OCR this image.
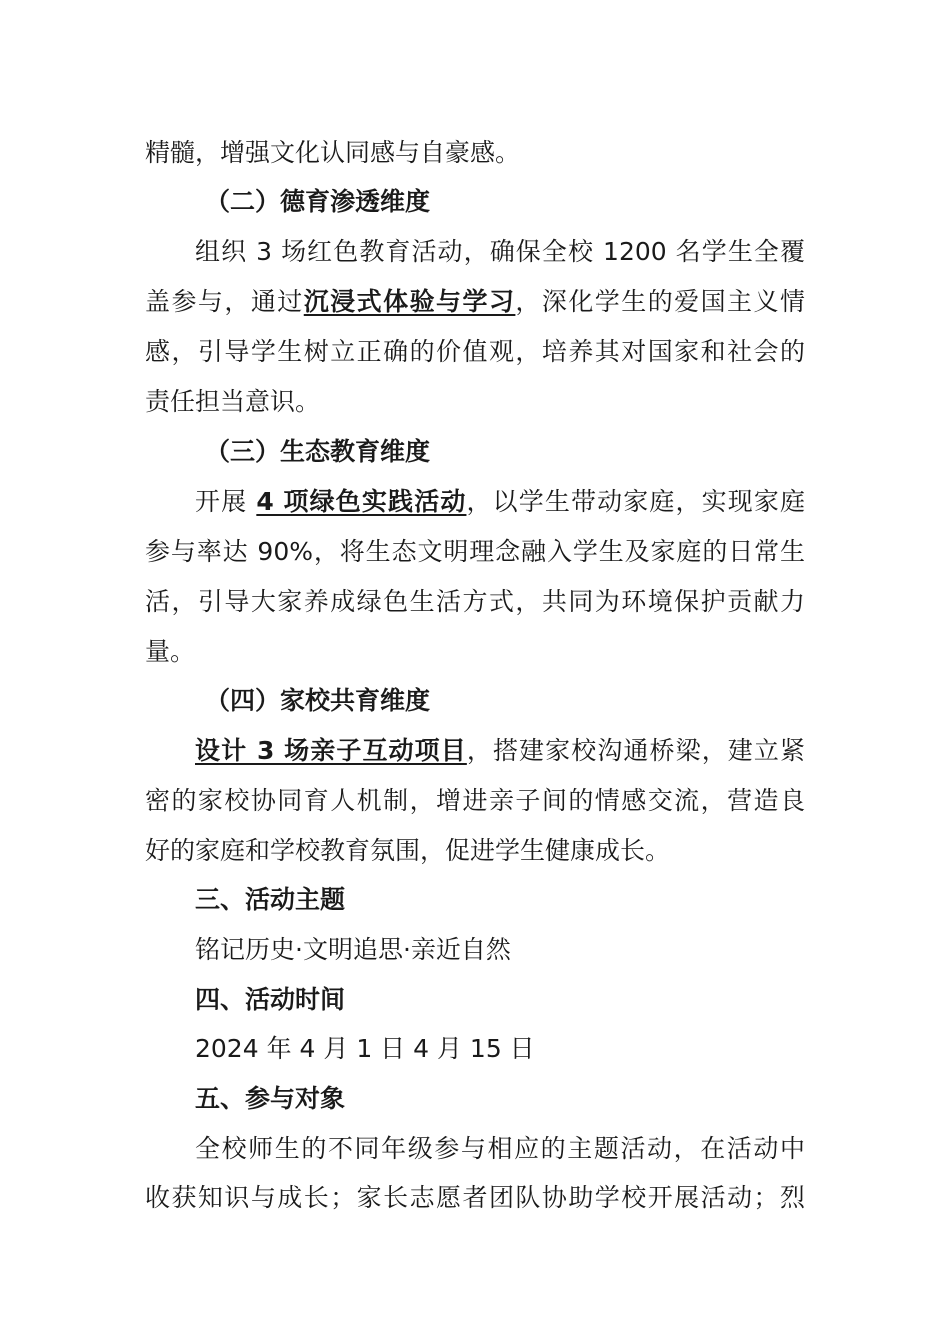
精髓，增强文化认同感与自豪感。
（二）德育渗透维度
组织 3 场红色教育活动，确保全校 1200 名学生全覆
盖参与，通过沉浸式体验与学习，深化学生的爱国主义情
感，引导学生树立正确的价值观，培养其对国家和社会的
责任担当意识。
（三）生态教育维度
开展 4 项绿色实践活动，以学生带动家庭，实现家庭
参与率达 90%，将生态文明理念融入学生及家庭的日常生
活，引导大家养成绿色生活方式，共同为环境保护贡献力
量。
（四）家校共育维度
设计 3 场亲子互动项目，搭建家校沟通桥梁，建立紧
密的家校协同育人机制，增进亲子间的情感交流，营造良
好的家庭和学校教育氛围，促进学生健康成长。
三、活动主题
铭记历史·文明追思·亲近自然
四、活动时间
2024 年 4 月 1 日 4 月 15 日
五、参与对象
全校师生的不同年级参与相应的主题活动，在活动中
收获知识与成长；家长志愿者团队协助学校开展活动；烈
